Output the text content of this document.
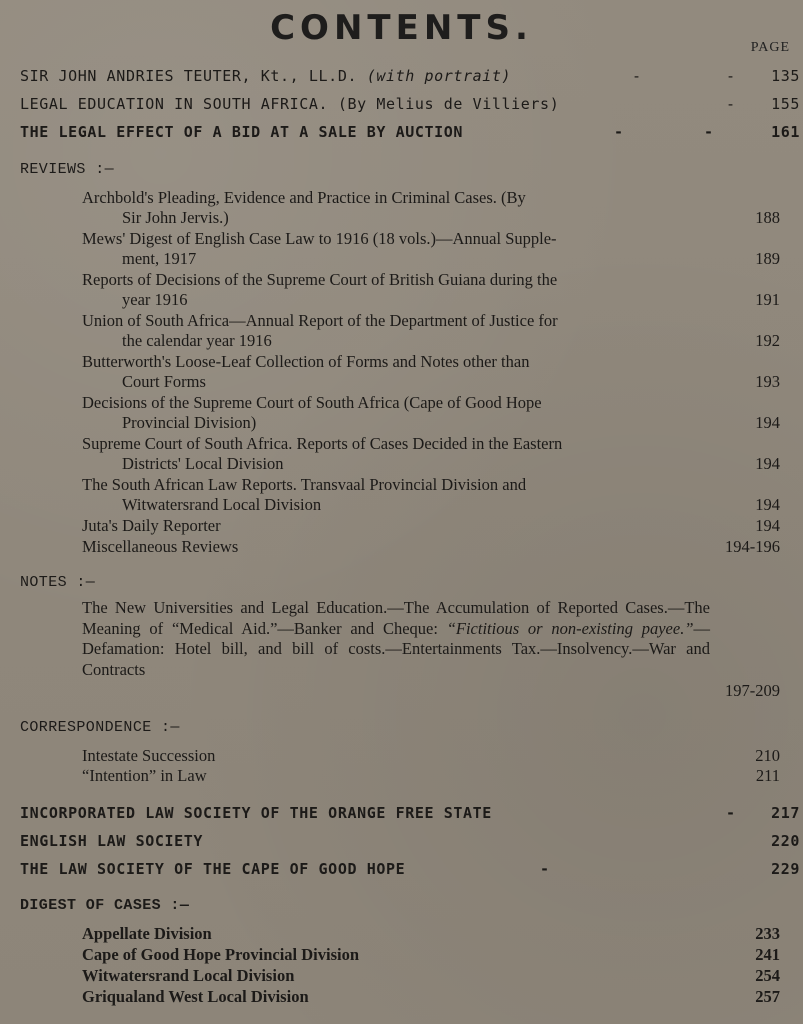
CONTENTS.	PAGE
SIR JOHN ANDRIES TEUTER, Kt., LL.D. (with portrait)	-	-	135
LEGAL EDUCATION IN SOUTH AFRICA. (By Melius de Villiers)	-	155
THE LEGAL EFFECT OF A BID AT A SALE BY AUCTION	-	-	161
REVIEWS :—
Archbold's Pleading, Evidence and Practice in Criminal Cases. (By
Sir John Jervis.)	188
Mews' Digest of English Case Law to 1916 (18 vols.)—Annual Supple-
ment, 1917	189
Reports of Decisions of the Supreme Court of British Guiana during the
year 1916	191
Union of South Africa—Annual Report of the Department of Justice for
the calendar year 1916	192
Butterworth's Loose-Leaf Collection of Forms and Notes other than
Court Forms	193
Decisions of the Supreme Court of South Africa (Cape of Good Hope
Provincial Division)	194
Supreme Court of South Africa. Reports of Cases Decided in the Eastern
Districts' Local Division	194
The South African Law Reports. Transvaal Provincial Division and
Witwatersrand Local Division	194
Juta's Daily Reporter	194
Miscellaneous Reviews	194-196
NOTES :—
The New Universities and Legal Education.—The Accumulation of Reported Cases.—The Meaning of “Medical Aid.”—Banker and Cheque: “Fictitious or non-existing payee.”—Defamation: Hotel bill, and bill of costs.—Entertainments Tax.—Insolvency.—War and Contracts
197-209
CORRESPONDENCE :—
Intestate Succession	210
“Intention” in Law	211
INCORPORATED LAW SOCIETY OF THE ORANGE FREE STATE	-	217
ENGLISH LAW SOCIETY	220
THE LAW SOCIETY OF THE CAPE OF GOOD HOPE	-	229
DIGEST OF CASES :—
Appellate Division	233
Cape of Good Hope Provincial Division	241
Witwatersrand Local Division	254
Griqualand West Local Division	257
